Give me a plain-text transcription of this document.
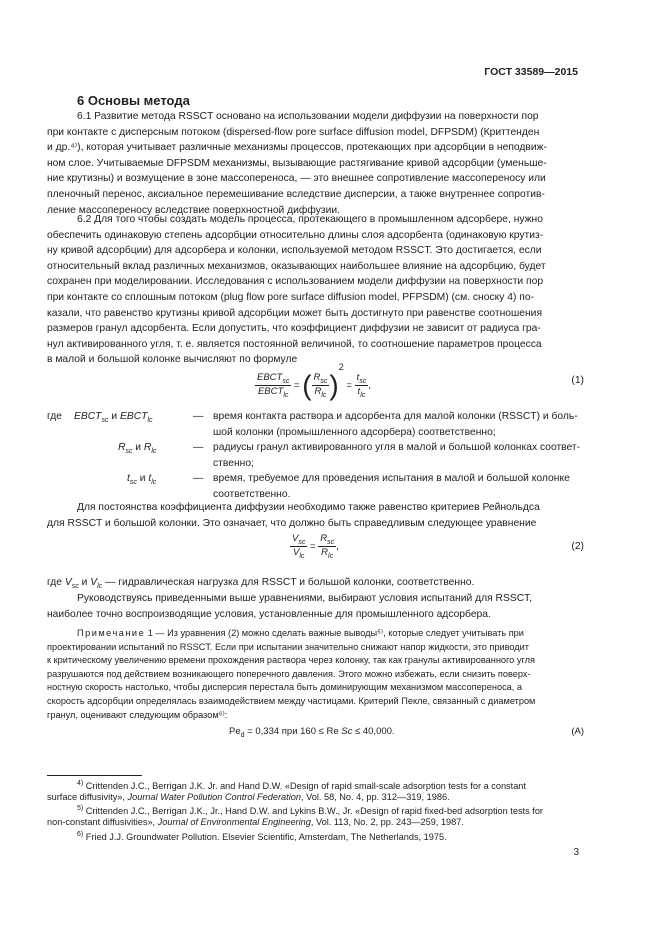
ГОСТ 33589—2015
6 Основы метода
6.1 Развитие метода RSSCT основано на использовании модели диффузии на поверхности пор
при контакте с дисперсным потоком (dispersed-flow pore surface diffusion model, DFPSDM) (Криттенден
и др.⁴⁾), которая учитывает различные механизмы процессов, протекающих при адсорбции в неподвиж-
ном слое. Учитываемые DFPSDM механизмы, вызывающие растягивание кривой адсорбции (уменьше-
ние крутизны) и возмущение в зоне массопереноса, — это внешнее сопротивление массопереносу или
пленочный перенос, аксиальное перемешивание вследствие дисперсии, а также внутреннее сопротив-
ление массопереносу вследствие поверхностной диффузии.
6.2 Для того чтобы создать модель процесса, протекающего в промышленном адсорбере, нужно
обеспечить одинаковую степень адсорбции относительно длины слоя адсорбента (одинаковую крутиз-
ну кривой адсорбции) для адсорбера и колонки, используемой методом RSSCT. Это достигается, если
относительный вклад различных механизмов, оказывающих наибольшее влияние на адсорбцию, будет
сохранен при моделировании. Исследования с использованием модели диффузии на поверхности пор
при контакте со сплошным потоком (plug flow pore surface diffusion model, PFPSDM) (см. сноску 4) по-
казали, что равенство крутизны кривой адсорбции может быть достигнуто при равенстве соотношения
размеров гранул адсорбента. Если допустить, что коэффициент диффузии не зависит от радиуса гра-
нул активированного угля, т. е. является постоянной величиной, то соотношение параметров процесса
в малой и большой колонке вычисляют по формуле
$\frac{EBCT_{sc}}{EBCT_{lc}}$ = ( $\frac{R_{sc}}{R_{lc}} )^2 = \frac{t_{sc}}{t_{lc}}$ ,	(1)
где $EBCT_{sc}$ и $EBCT_{lc}$	— время контакта раствора и адсорбента для малой колонки (RSSCT) и боль-
шой колонки (промышленного адсорбера) соответственно;
$R_{sc}$ и $R_{lc}$	— радиусы гранул активированного угля в малой и большой колонках соответ-
ственно;
$t_{sc}$ и $t_{lc}$	— время, требуемое для проведения испытания в малой и большой колонке
соответственно.
Для постоянства коэффициента диффузии необходимо также равенство критериев Рейнольдса
для RSSCT и большой колонки. Это означает, что должно быть справедливым следующее уравнение
$\frac{V_{sc}}{V_{lc}} = \frac{R_{sc}}{R_{lc}}$ ,	(2)
где $V_{sc}$ и $V_{lc}$ — гидравлическая нагрузка для RSSCT и большой колонки, соответственно.
Руководствуясь приведенными выше уравнениями, выбирают условия испытаний для RSSCT,
наиболее точно воспроизводящие условия, установленные для промышленного адсорбера.
Примечание 1 — Из уравнения (2) можно сделать важные выводы⁵⁾, которые следует учитывать при
проектировании испытаний по RSSCT. Если при испытании значительно снижают напор жидкости, это приводит
к критическому увеличению времени прохождения раствора через колонку, так как гранулы активированного угля
разрушаются под действием возникающего поперечного давления. Этого можно избежать, если снизить поверх-
ностную скорость настолько, чтобы дисперсия перестала быть доминирующим механизмом массопереноса, а
скорость адсорбции определялась взаимодействием между частицами. Критерий Пекле, связанный с диаметром
гранул, оценивают следующим образом⁶⁾:
$Pe_d = 0,334$ при 160 ≤ Re Sc ≤ 40,000.	(A)
$^{4)}$ Crittenden J.C., Berrigan J.K. Jr. and Hand D.W. «Design of rapid small-scale adsorption tests for a constant
surface diffusivity», Journal Water Pollution Control Federation, Vol. 58, No. 4, pp. 312—319, 1986.
$^{5)}$ Crittenden J.C., Berrigan J.K., Jr., Hand D.W. and Lykins B.W., Jr. «Design of rapid fixed-bed adsorption tests for
non-constant diffusivities», Journal of Environmental Engineering, Vol. 113, No. 2, pp. 243—259, 1987.
$^{6)}$ Fried J.J. Groundwater Pollution. Elsevier Scientific, Amsterdam, The Netherlands, 1975.
3
